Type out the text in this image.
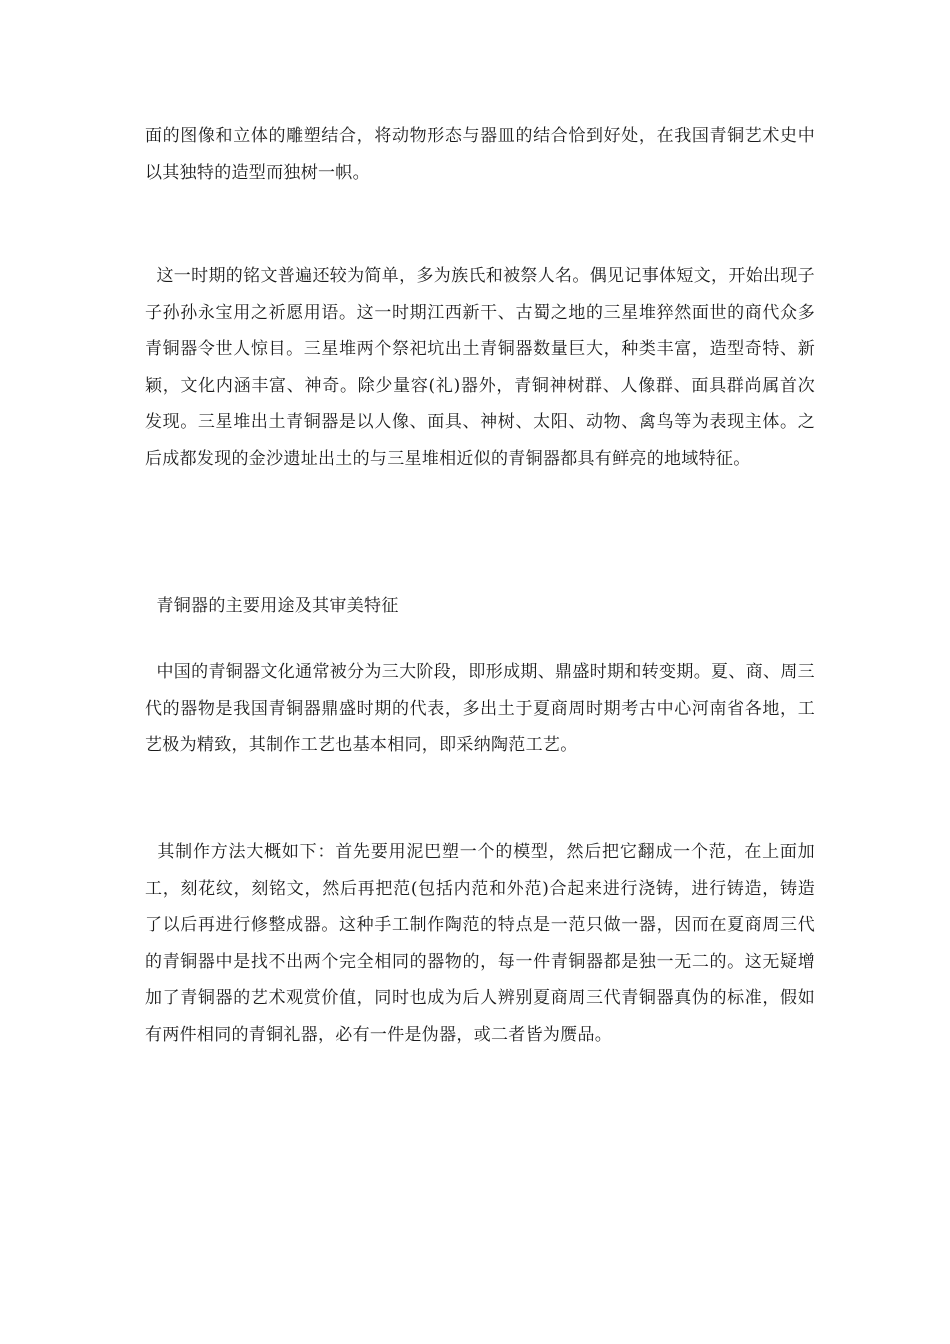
面的图像和立体的雕塑结合，将动物形态与器皿的结合恰到好处，在我国青铜艺术史中以其独特的造型而独树一帜。

这一时期的铭文普遍还较为简单，多为族氏和被祭人名。偶见记事体短文，开始出现子子孙孙永宝用之祈愿用语。这一时期江西新干、古蜀之地的三星堆猝然面世的商代众多青铜器令世人惊目。三星堆两个祭祀坑出土青铜器数量巨大，种类丰富，造型奇特、新颖，文化内涵丰富、神奇。除少量容(礼)器外，青铜神树群、人像群、面具群尚属首次发现。三星堆出土青铜器是以人像、面具、神树、太阳、动物、禽鸟等为表现主体。之后成都发现的金沙遗址出土的与三星堆相近似的青铜器都具有鲜亮的地域特征。

青铜器的主要用途及其审美特征

中国的青铜器文化通常被分为三大阶段，即形成期、鼎盛时期和转变期。夏、商、周三代的器物是我国青铜器鼎盛时期的代表，多出土于夏商周时期考古中心河南省各地，工艺极为精致，其制作工艺也基本相同，即采纳陶范工艺。

其制作方法大概如下：首先要用泥巴塑一个的模型，然后把它翻成一个范，在上面加工，刻花纹，刻铭文，然后再把范(包括内范和外范)合起来进行浇铸，进行铸造，铸造了以后再进行修整成器。这种手工制作陶范的特点是一范只做一器，因而在夏商周三代的青铜器中是找不出两个完全相同的器物的，每一件青铜器都是独一无二的。这无疑增加了青铜器的艺术观赏价值，同时也成为后人辨别夏商周三代青铜器真伪的标准，假如有两件相同的青铜礼器，必有一件是伪器，或二者皆为赝品。
